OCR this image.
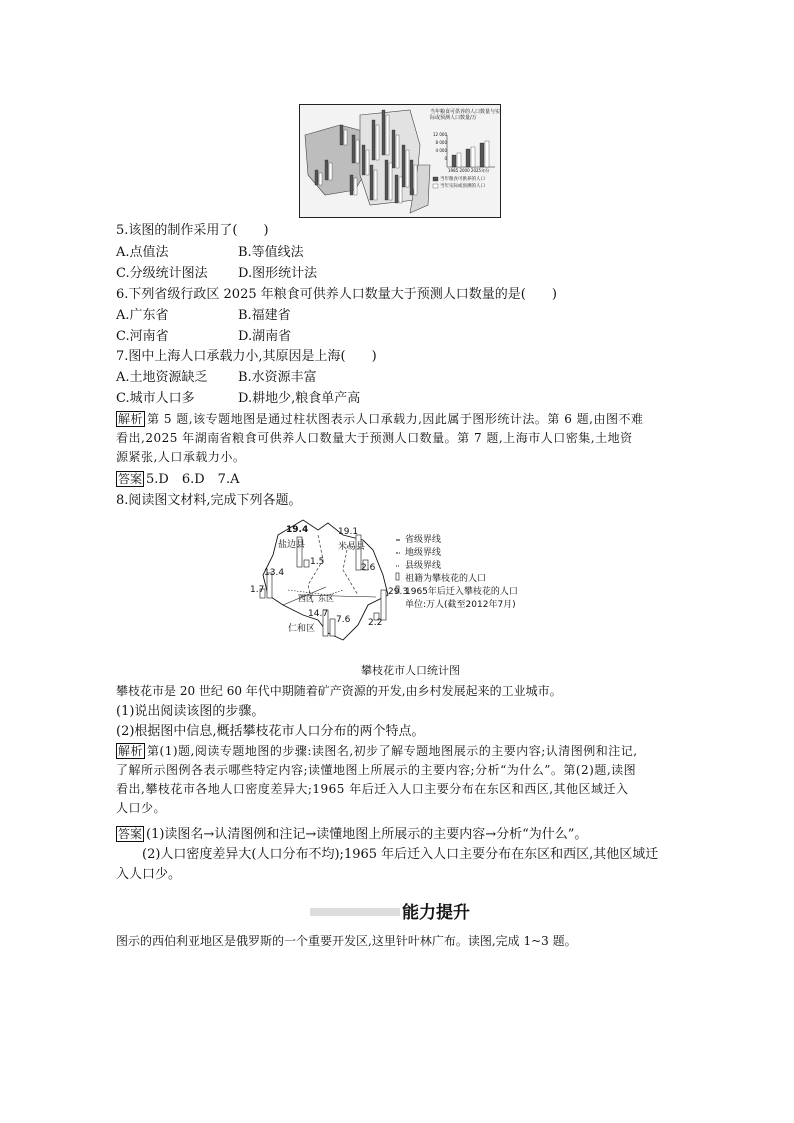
当年粮食可供养的人口数量与实际或预测人口数量/万
12 000
8 000
4 000
0
1985 2000 2025年份
当年粮食可供养的人口
当年实际或预测的人口
5.该图的制作采用了(　　)
A.点值法	B.等值线法
C.分级统计图法 D.图形统计法
6.下列省级行政区 2025 年粮食可供养人口数量大于预测人口数量的是(　　)
A.广东省	B.福建省
C.河南省	D.湖南省
7.图中上海人口承载力小,其原因是上海(　　)
A.土地资源缺乏 B.水资源丰富
C.城市人口多	D.耕地少,粮食单产高
解析 第 5 题,该专题地图是通过柱状图表示人口承载力,因此属于图形统计法。第 6 题,由图不难
看出,2025 年湖南省粮食可供养人口数量大于预测人口数量。第 7 题,上海市人口密集,土地资
源紧张,人口承载力小。
答案 5.D　6.D　7.A
8.阅读图文材料,完成下列各题。
19.4
盐边县
1.5
19.1
米易县
2.6
13.4
1.7	29.3
东区
西区
14.7
7.6
仁和区
2.2
省级界线
地级界线
县级界线
祖籍为攀枝花的人口
1965年后迁入攀枝花的人口
单位:万人(截至2012年7月)
攀枝花市人口统计图
攀枝花市是 20 世纪 60 年代中期随着矿产资源的开发,由乡村发展起来的工业城市。
(1)说出阅读该图的步骤。
(2)根据图中信息,概括攀枝花市人口分布的两个特点。
解析 第(1)题,阅读专题地图的步骤:读图名,初步了解专题地图展示的主要内容;认清图例和注记,
了解所示图例各表示哪些特定内容;读懂地图上所展示的主要内容;分析“为什么”。第(2)题,读图
看出,攀枝花市各地人口密度差异大;1965 年后迁入人口主要分布在东区和西区,其他区域迁入
人口少。
答案 (1)读图名→认清图例和注记→读懂地图上所展示的主要内容→分析“为什么”。
(2)人口密度差异大(人口分布不均);1965 年后迁入人口主要分布在东区和西区,其他区域迁
入人口少。
能力提升
图示的西伯利亚地区是俄罗斯的一个重要开发区,这里针叶林广布。读图,完成 1~3 题。
